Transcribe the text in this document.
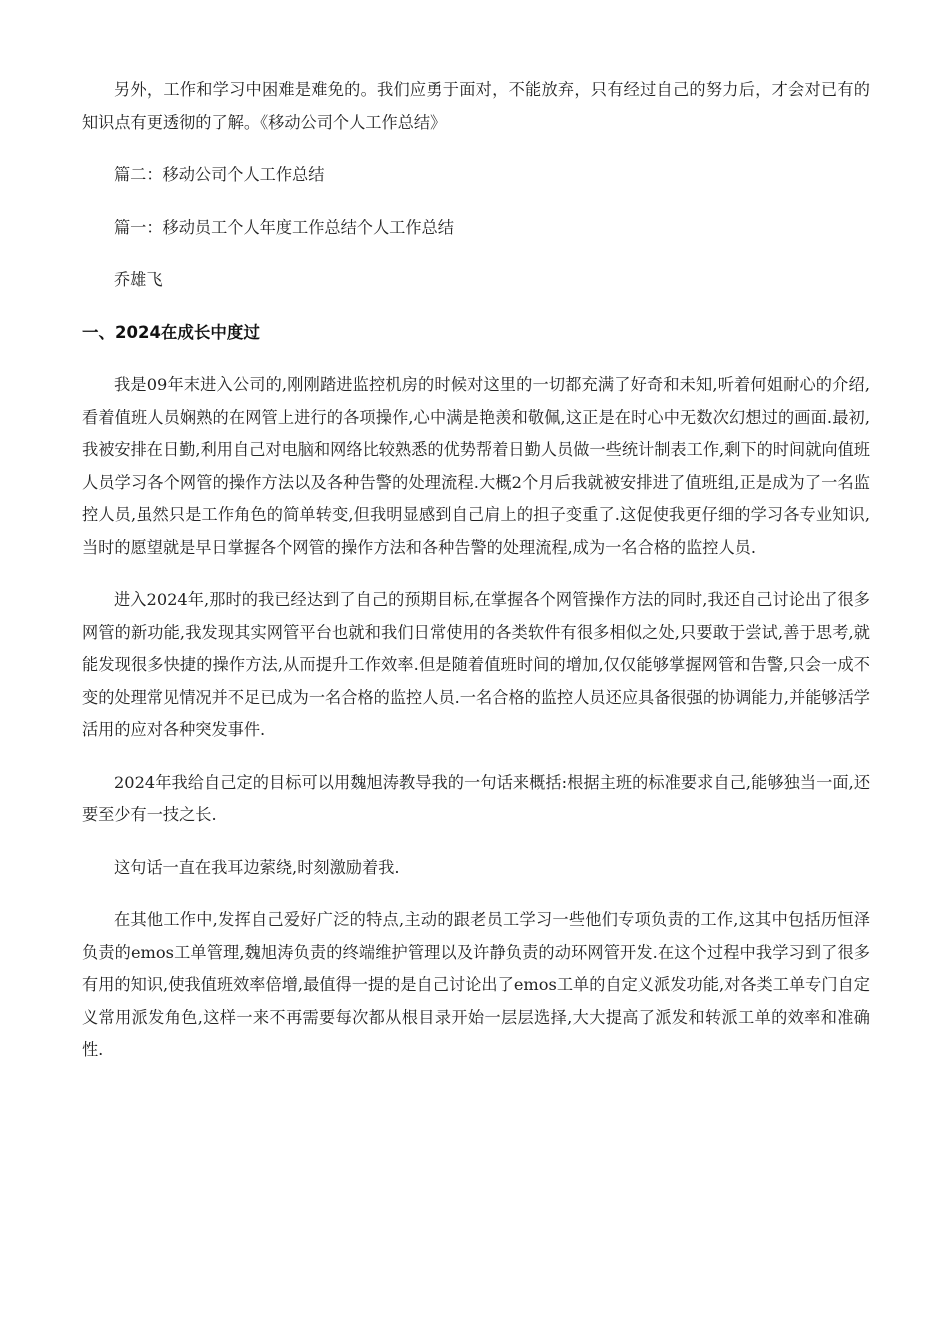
另外，工作和学习中困难是难免的。我们应勇于面对，不能放弃，只有经过自己的努力后，才会对已有的知识点有更透彻的了解。《移动公司个人工作总结》

篇二：移动公司个人工作总结

篇一：移动员工个人年度工作总结个人工作总结

乔雄飞

一、2024在成长中度过

我是09年末进入公司的,刚刚踏进监控机房的时候对这里的一切都充满了好奇和未知,听着何姐耐心的介绍,看着值班人员娴熟的在网管上进行的各项操作,心中满是艳羡和敬佩,这正是在时心中无数次幻想过的画面.最初,我被安排在日勤,利用自己对电脑和网络比较熟悉的优势帮着日勤人员做一些统计制表工作,剩下的时间就向值班人员学习各个网管的操作方法以及各种告警的处理流程.大概2个月后我就被安排进了值班组,正是成为了一名监控人员,虽然只是工作角色的简单转变,但我明显感到自己肩上的担子变重了.这促使我更仔细的学习各专业知识,当时的愿望就是早日掌握各个网管的操作方法和各种告警的处理流程,成为一名合格的监控人员.

进入2024年,那时的我已经达到了自己的预期目标,在掌握各个网管操作方法的同时,我还自己讨论出了很多网管的新功能,我发现其实网管平台也就和我们日常使用的各类软件有很多相似之处,只要敢于尝试,善于思考,就能发现很多快捷的操作方法,从而提升工作效率.但是随着值班时间的增加,仅仅能够掌握网管和告警,只会一成不变的处理常见情况并不足已成为一名合格的监控人员.一名合格的监控人员还应具备很强的协调能力,并能够活学活用的应对各种突发事件.

2024年我给自己定的目标可以用魏旭涛教导我的一句话来概括:根据主班的标准要求自己,能够独当一面,还要至少有一技之长.

这句话一直在我耳边萦绕,时刻激励着我.

在其他工作中,发挥自己爱好广泛的特点,主动的跟老员工学习一些他们专项负责的工作,这其中包括历恒泽负责的emos工单管理,魏旭涛负责的终端维护管理以及许静负责的动环网管开发.在这个过程中我学习到了很多有用的知识,使我值班效率倍增,最值得一提的是自己讨论出了emos工单的自定义派发功能,对各类工单专门自定义常用派发角色,这样一来不再需要每次都从根目录开始一层层选择,大大提高了派发和转派工单的效率和准确性.
